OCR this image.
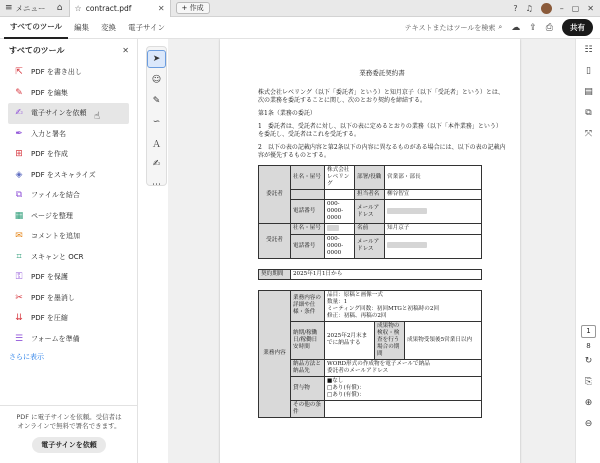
≡ メニュー	⌂	☆ contract.pdf	✕	+ 作成	? ♫	– ▢ ✕
すべてのツール	編集	変換	電子サイン	テキストまたはツールを検索 ⌕ ☁ ⇪ ⎙	共有
すべてのツール	✕
⇱	PDF を書き出し
✎	PDF を編集
✍	電子サインを依頼 ☝
✒	入力と署名
⊞	PDF を作成
◈	PDF をスキャライズ
⧉	ファイルを結合
▦ ページを整理
✉	コメントを追加
⌗	スキャンと OCR
⚿	PDF を保護
✂	PDF を墨消し
⇊	PDF を圧縮
☰ フォームを準備
さらに表示
PDF に電子サインを依頼。受信者は
オンラインで無料で署名できます。
電子サインを依頼
➤
☺
✎
∽
Ａ
✍
⋯
業務委託契約書
株式会社レベリング（以下「委託者」という）と知月京子（以下「受託者」という）とは、次の業務を委託することに関し、次のとおり契約を締結する。
第1条（業務の委託）
1　委託者は、受託者に対し、以下の表に定めるとおりの業務（以下「本件業務」という）を委託し、受託者はこれを受託する。
2　以下の表の記載内容と第2条以下の内容に異なるものがある場合には、以下の表の記載内容が優先するものとする。
委託者	社名・屋号	株式会社レベリング	部署/役職	営業部・部長
			担当者名	柳谷智宣
	電話番号	000-0000-0000	メールアドレス	
受託者	社名・屋号		名前	知月京子
	電話番号	000-0000-0000	メールアドレス	
契約期間	2025年1月1日から
業務内容	業務内容の詳細や仕様・条件	品目：原稿と画像一式
数量：1
ミーティング回数：初回MTGと初稿時の2回
修正：初稿、再稿の2回		

	納期/稼働日/稼働日安時間	2025年2月末までに納品する	成果物の検収・検査を行う場合の期間	成果物受領後5営業日以内
	納品方法と納品先	WORD形式の作成物を電子メールで納品
委託者のメールアドレス		

	貸与物	■なし
□あり(有償)：
□あり(有償)：		

	その他の条件			
☷
▯
▤
⧉
⤧
1
8
↻
⎘
⊕
⊖
